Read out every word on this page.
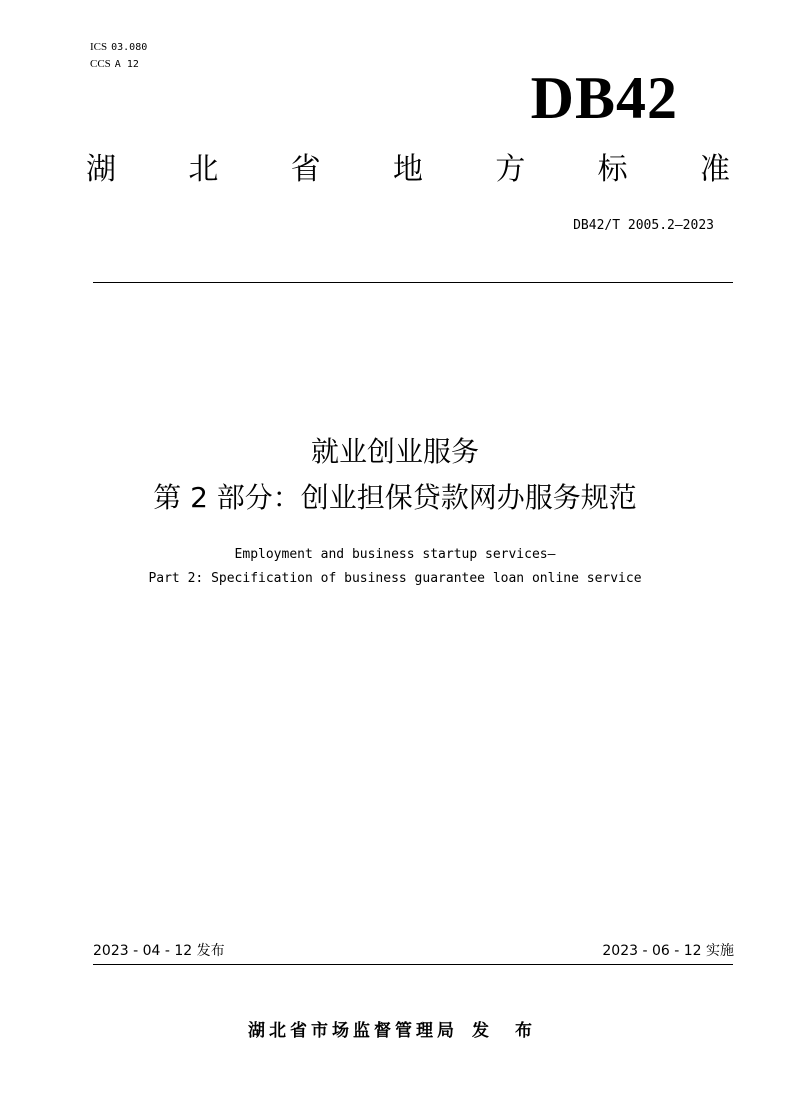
ICS 03.080
CCS A 12
DB42
湖 北 省 地 方 标 准
DB42/T 2005.2—2023
就业创业服务
第 2 部分：创业担保贷款网办服务规范
Employment and business startup services—
Part 2: Specification of business guarantee loan online service
2023 - 04 - 12 发布	2023 - 06 - 12 实施
湖北省市场监督管理局 发 布
